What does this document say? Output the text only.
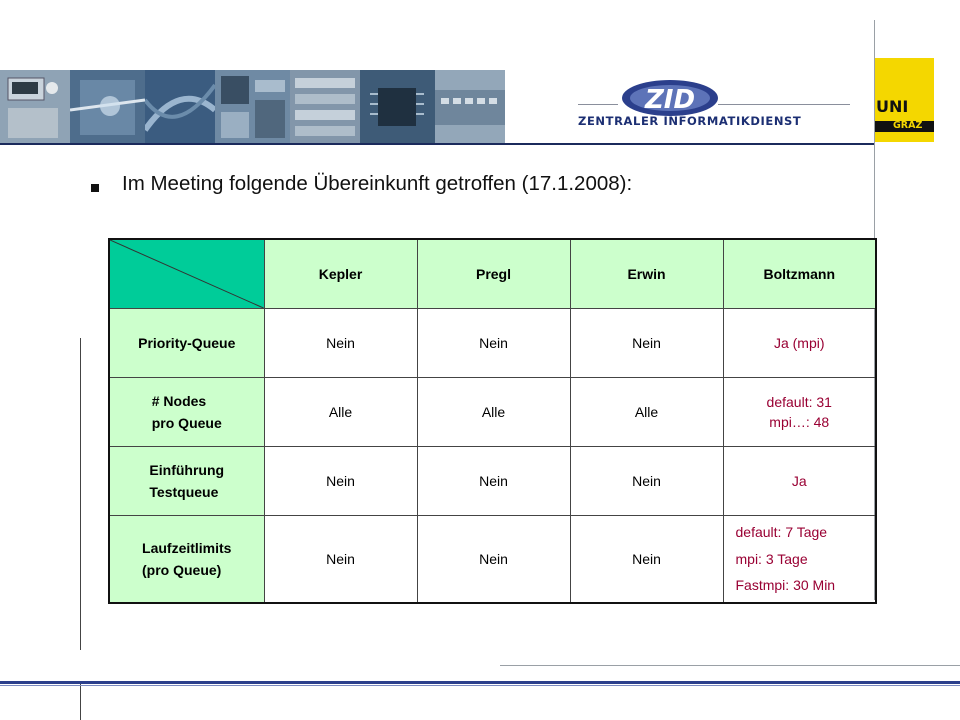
ZID
ZENTRALER INFORMATIKDIENST
UNI
GRAZ
Im Meeting folgende Übereinkunft getroffen (17.1.2008):
	Kepler	Pregl	Erwin	Boltzmann
Priority-Queue	Nein	Nein	Nein	Ja (mpi)

# Nodes
pro Queue	Alle	Alle	Alle	default: 31
mpi…: 48

Einführung
Testqueue	Nein	Nein	Nein	Ja

Laufzeitlimits
(pro Queue)	Nein	Nein	Nein	default: 7 Tage
mpi: 3 Tage
Fastmpi: 30 Min
